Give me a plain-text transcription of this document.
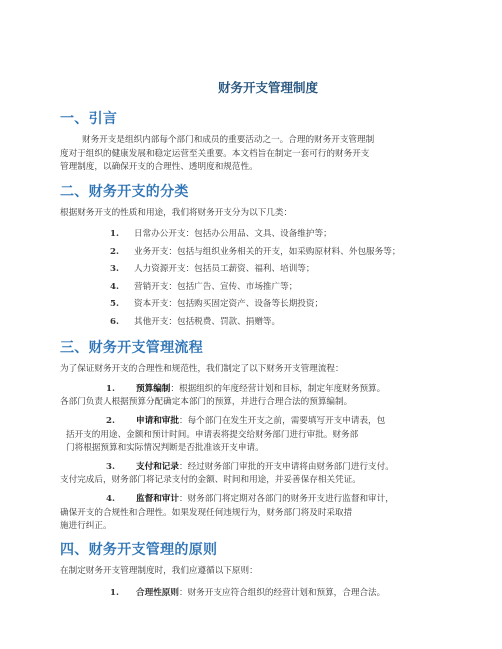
财务开支管理制度
一、引言
财务开支是组织内部每个部门和成员的重要活动之一。合理的财务开支管理制
度对于组织的健康发展和稳定运营至关重要。本文档旨在制定一套可行的财务开支
管理制度，以确保开支的合理性、透明度和规范性。
二、财务开支的分类
根据财务开支的性质和用途，我们将财务开支分为以下几类：
1.	日常办公开支：包括办公用品、文具、设备维护等；
2.	业务开支：包括与组织业务相关的开支，如采购原材料、外包服务等；
3.	人力资源开支：包括员工薪资、福利、培训等；
4.	营销开支：包括广告、宣传、市场推广等；
5.	资本开支：包括购买固定资产、设备等长期投资；
6.	其他开支：包括税费、罚款、捐赠等。
三、财务开支管理流程
为了保证财务开支的合理性和规范性，我们制定了以下财务开支管理流程：
1. 预算编制：根据组织的年度经营计划和目标，制定年度财务预算。
各部门负责人根据预算分配确定本部门的预算，并进行合理合法的预算编制。
2. 申请和审批：每个部门在发生开支之前，需要填写开支申请表，包
括开支的用途、金额和预计时间。申请表将提交给财务部门进行审批。财务部
门将根据预算和实际情况判断是否批准该开支申请。
3. 支付和记录：经过财务部门审批的开支申请将由财务部门进行支付。
支付完成后，财务部门将记录支付的金额、时间和用途，并妥善保存相关凭证。
4. 监督和审计：财务部门将定期对各部门的财务开支进行监督和审计，
确保开支的合规性和合理性。如果发现任何违规行为，财务部门将及时采取措
施进行纠正。
四、财务开支管理的原则
在制定财务开支管理制度时，我们应遵循以下原则：
1.	合理性原则：财务开支应符合组织的经营计划和预算，合理合法。
